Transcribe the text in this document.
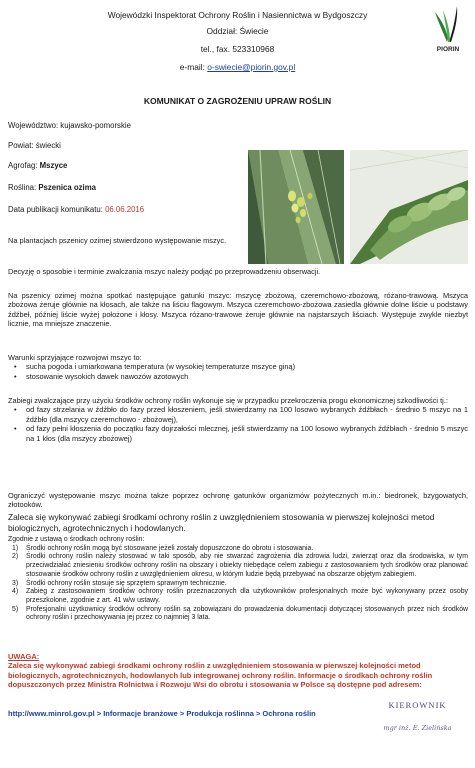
Wojewódzki Inspektorat Ochrony Roślin i Nasiennictwa w Bydgoszczy
Oddział: Świecie
tel., fax. 523310968
e-mail: o-swiecie@piorin.gov.pl
PIORIN
KOMUNIKAT O ZAGROŻENIU UPRAW ROŚLIN
Województwo: kujawsko-pomorskie
Powiat: świecki
Agrofag: Mszyce
Roślina: Pszenica ozima
Data publikacji komunikatu: 06.06.2016
Na plantacjach pszenicy ozimej stwierdzono występowanie mszyc.
Decyzję o sposobie i terminie zwalczania mszyc należy podjąć po przeprowadzeniu obserwacji.
Na pszenicy ozimej można spotkać następujące gatunki mszyc: mszycę zbożową, czeremchowo-zbożową, różano-trawową. Mszyca zbożowa żeruje głównie na kłosach, ale także na liściu flagowym. Mszyca czeremchowo-zbożowa zasiedla głównie dolne liście u podstawy źdźbeł, później liście wyżej położone i kłosy. Mszyca różano-trawowe żeruje głównie na najstarszych liściach. Występuje zwykle niezbyt licznie, ma mniejsze znaczenie.
Warunki sprzyjające rozwojowi mszyc to:
• sucha pogoda i umiarkowana temperatura (w wysokiej temperaturze mszyce giną)
• stosowanie wysokich dawek nawozów azotowych
Zabiegi zwalczające przy użyciu środków ochrony roślin wykonuje się w przypadku przekroczenia progu ekonomicznej szkodliwości tj.:
• od fazy strzelania w źdźbło do fazy przed kłoszeniem, jeśli stwierdzamy na 100 losowo wybranych źdźbłach - średnio 5 mszyc na 1 źdźbło (dla mszycy czeremchowo - zbożowej),
• od fazy pełni kłoszenia do początku fazy dojrzałości mlecznej, jeśli stwierdzamy na 100 losowo wybranych źdźbłach - średnio 5 mszyc na 1 kłos (dla mszycy zbożowej)
Ograniczyć występowanie mszyc można także poprzez ochronę gatunków organizmów pożytecznych m.in.: biedronek, bzygowatych, złotooków.
Zaleca się wykonywać zabiegi środkami ochrony roślin z uwzględnieniem stosowania w pierwszej kolejności metod biologicznych, agrotechnicznych i hodowlanych.
Zgodnie z ustawą o środkach ochrony roślin:
1) Środki ochrony roślin mogą być stosowane jeżeli zostały dopuszczone do obrotu i stosowania.
2) Środki ochrony roślin należy stosować w taki sposób, aby nie stwarzać zagrożenia dla zdrowia ludzi, zwierząt oraz dla środowiska, w tym przeciwdziałać zniesieniu środków ochrony roślin na obszary i obiekty niebędące celem zabiegu z zastosowaniem tych środków oraz planować stosowanie środków ochrony roślin z uwzględnieniem okresu, w którym ludzie będą przebywać na obszarze objętym zabiegiem.
3) Środki ochrony roślin stosuje się sprzętem sprawnym technicznie.
4) Zabieg z zastosowaniem środków ochrony roślin przeznaczonych dla użytkowników profesjonalnych może być wykonywany przez osoby przeszkolone, zgodnie z art. 41 w/w ustawy.
5) Profesjonalni użytkownicy środków ochrony roślin są zobowiązani do prowadzenia dokumentacji dotyczącej stosowanych przez nich środków ochrony roślin i przechowywania jej przez co najmniej 3 lata.
UWAGA:
Zaleca się wykonywać zabiegi środkami ochrony roślin z uwzględnieniem stosowania w pierwszej kolejności metod biologicznych, agrotechnicznych, hodowlanych lub integrowanej ochrony roślin. Informacje o środkach ochrony roślin dopuszczonych przez Ministra Rolnictwa i Rozwoju Wsi do obrotu i stosowania w Polsce są dostępne pod adresem:
http://www.minrol.gov.pl > Informacje branżowe > Produkcja roślinna > Ochrona roślin
KIEROWNIK
mgr inż. E. Zielińska
